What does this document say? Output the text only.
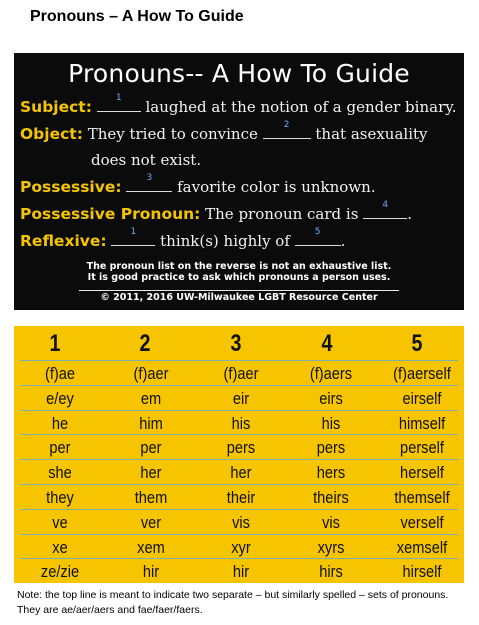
Pronouns – A How To Guide
Pronouns-- A How To Guide
Subject:	1	laughed at the notion of a gender binary.
Object: They tried to convince	2	that asexuality
does not exist.
Possessive:	3	favorite color is unknown.
Possessive Pronoun: The pronoun card is	4	.
Reflexive:	1	think(s) highly of	5	.
The pronoun list on the reverse is not an exhaustive list.
It is good practice to ask which pronouns a person uses.
© 2011, 2016 UW-Milwaukee LGBT Resource Center
1	2	3	4	5
(f)ae	(f)aer	(f)aer	(f)aers	(f)aerself
e/ey	em	eir	eirs	eirself
he	him	his	his	himself
per	per	pers	pers	perself
she	her	her	hers	herself
they	them	their	theirs	themself
ve	ver	vis	vis	verself
xe	xem	xyr	xyrs	xemself
ze/zie	hir	hir	hirs	hirself
Note: the top line is meant to indicate two separate – but similarly spelled – sets of pronouns. They are ae/aer/aers and fae/faer/faers.
